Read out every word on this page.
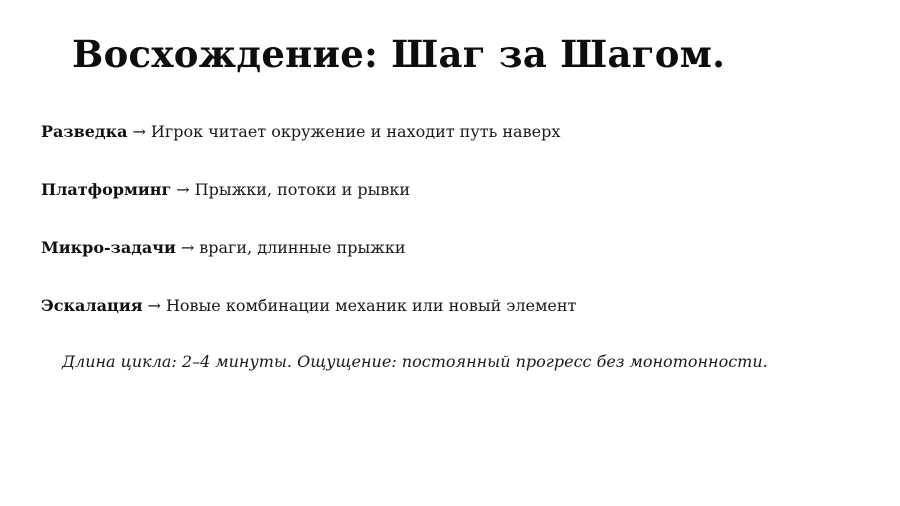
Восхождение: Шаг за Шагом.
Разведка → Игрок читает окружение и находит путь наверх
Платформинг → Прыжки, потоки и рывки
Микро-задачи → враги, длинные прыжки
Эскалация → Новые комбинации механик или новый элемент

Длина цикла: 2–4 минуты. Ощущение: постоянный прогресс без монотонности.
